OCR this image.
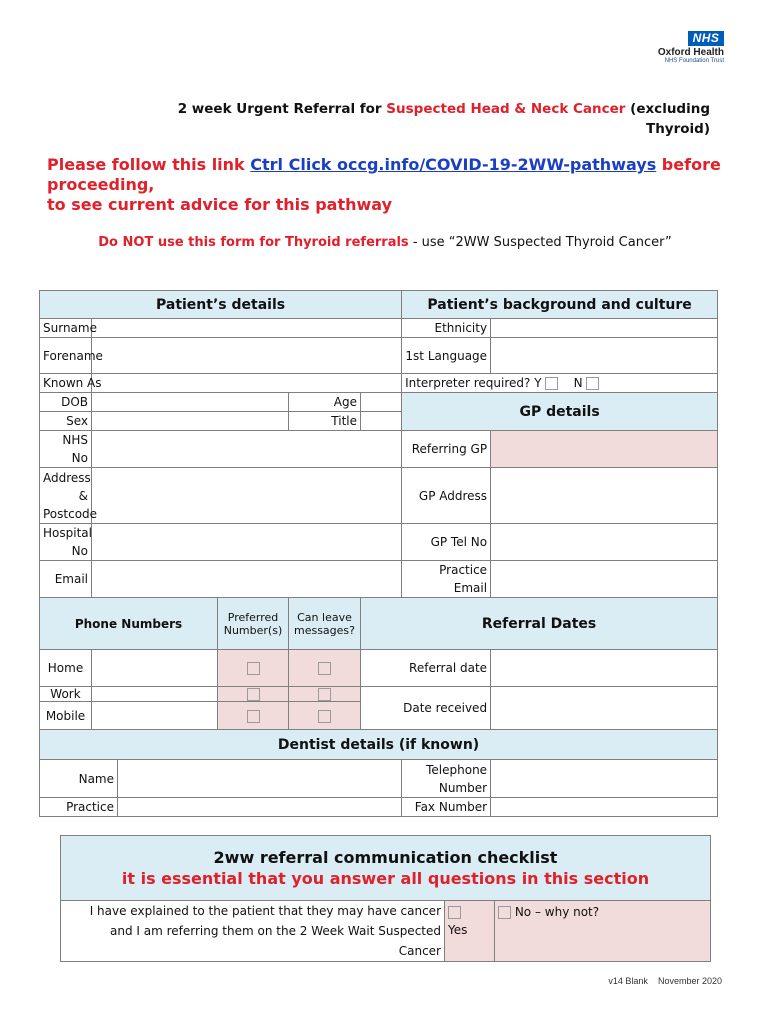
NHS
Oxford Health
NHS Foundation Trust
2 week Urgent Referral for Suspected Head & Neck Cancer (excluding
Thyroid)
Please follow this link Ctrl Click occg.info/COVID-19-2WW-pathways before proceeding,
to see current advice for this pathway
Do NOT use this form for Thyroid referrals - use “2WW Suspected Thyroid Cancer”
Patient’s details						Patient’s background and culture	
Surname						Ethnicity	
Forename						1st Language	
Known As						Interpreter required? Y N	
DOB				Age		GP details	
Sex				Title			
NHS No						Referring GP	
Address & Postcode						GP Address	
Hospital No						GP Tel No	
Email						Practice Email	
Phone Numbers			Preferred Number(s)	Can leave messages?	Referral Dates		
Home					Referral date		
Work					Date received		
Mobile							
Dentist details (if known)							
Name						Telephone Number	
Practice						Fax Number	
2ww referral communication checklist
it is essential that you answer all questions in this section

I have explained to the patient that they may have cancer and I am referring them on the 2 Week Wait Suspected Cancer	
Yes	No – why not?
v14 Blank November 2020
